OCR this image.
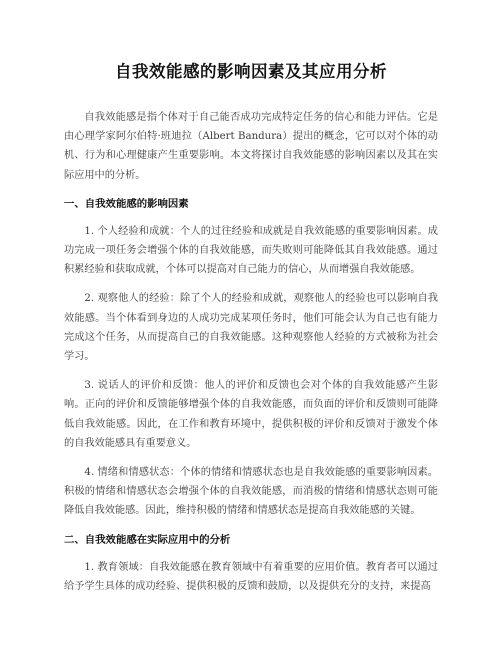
自我效能感的影响因素及其应用分析

自我效能感是指个体对于自己能否成功完成特定任务的信心和能力评估。它是由心理学家阿尔伯特·班迪拉（Albert Bandura）提出的概念，它可以对个体的动机、行为和心理健康产生重要影响。本文将探讨自我效能感的影响因素以及其在实际应用中的分析。

一、自我效能感的影响因素

1. 个人经验和成就：个人的过往经验和成就是自我效能感的重要影响因素。成功完成一项任务会增强个体的自我效能感，而失败则可能降低其自我效能感。通过积累经验和获取成就，个体可以提高对自己能力的信心，从而增强自我效能感。

2. 观察他人的经验：除了个人的经验和成就，观察他人的经验也可以影响自我效能感。当个体看到身边的人成功完成某项任务时，他们可能会认为自己也有能力完成这个任务，从而提高自己的自我效能感。这种观察他人经验的方式被称为社会学习。

3. 说话人的评价和反馈：他人的评价和反馈也会对个体的自我效能感产生影响。正向的评价和反馈能够增强个体的自我效能感，而负面的评价和反馈则可能降低自我效能感。因此，在工作和教育环境中，提供积极的评价和反馈对于激发个体的自我效能感具有重要意义。

4. 情绪和情感状态：个体的情绪和情感状态也是自我效能感的重要影响因素。积极的情绪和情感状态会增强个体的自我效能感，而消极的情绪和情感状态则可能降低自我效能感。因此，维持积极的情绪和情感状态是提高自我效能感的关键。

二、自我效能感在实际应用中的分析

1. 教育领域：自我效能感在教育领域中有着重要的应用价值。教育者可以通过给予学生具体的成功经验、提供积极的反馈和鼓励，以及提供充分的支持，来提高
